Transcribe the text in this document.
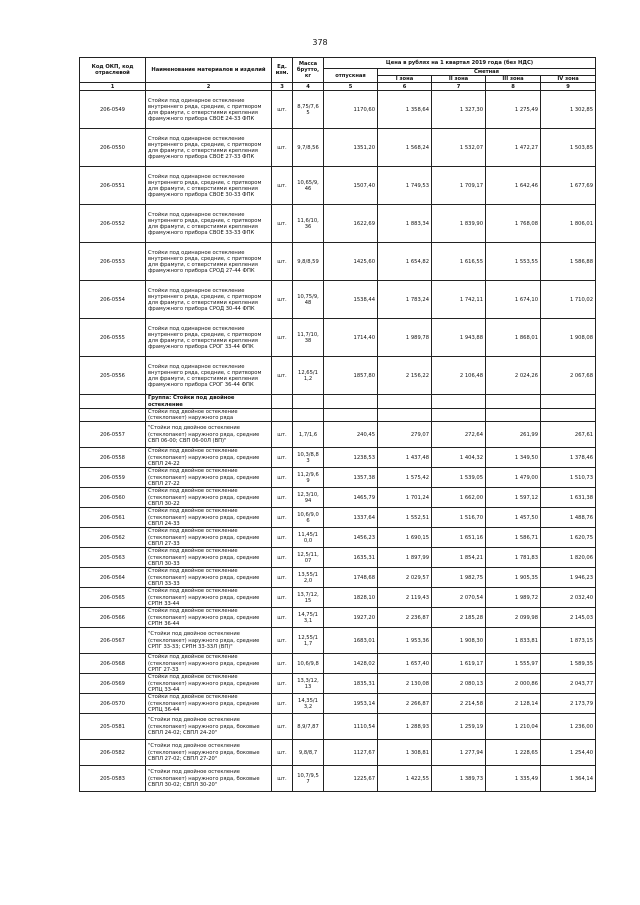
378
Код ОКП, код отраслевой	Наименование материалов и изделий	Ед. изм.	Масса брутто, кг	Цена в рублях на 1 квартал 2019 года (без НДС)				
				отпускная	Сметная			
					I зона	II зона	III зона	IV зона
1	2	3	4	5	6	7	8	9
206-0549	Стойки под одинарное остекление внутреннего ряда, средние, с притвором для фрамуги, с отверстиями крепления фрамужного прибора СВОЕ 24-33 ФПК	шт.	8,75/7,6 5	1170,60	1 358,64	1 327,30	1 275,49	1 302,85
206-0550	Стойки под одинарное остекление внутреннего ряда, средние, с притвором для фрамуги, с отверстиями крепления фрамужного прибора СВОЕ 27-33 ФПК	шт.	9,7/8,56	1351,20	1 568,24	1 532,07	1 472,27	1 503,85
206-0551	Стойки под одинарное остекление внутреннего ряда, средние, с притвором для фрамуги, с отверстиями крепления фрамужного прибора СВОЕ 30-33 ФПК	шт.	10,65/9, 46	1507,40	1 749,53	1 709,17	1 642,46	1 677,69
206-0552	Стойки под одинарное остекление внутреннего ряда, средние, с притвором для фрамуги, с отверстиями крепления фрамужного прибора СВОЕ 33-33 ФПК	шт.	11,6/10, 36	1622,69	1 883,34	1 839,90	1 768,08	1 806,01
206-0553	Стойки под одинарное остекление внутреннего ряда, средние, с притвором для фрамуги, с отверстиями крепления фрамужного прибора СРОД 27-44 ФПК	шт.	9,8/8,59	1425,60	1 654,82	1 616,55	1 553,55	1 586,88
206-0554	Стойки под одинарное остекление внутреннего ряда, средние, с притвором для фрамуги, с отверстиями крепления фрамужного прибора СРОД 30-44 ФПК	шт.	10,75/9, 48	1538,44	1 783,24	1 742,11	1 674,10	1 710,02
206-0555	Стойки под одинарное остекление внутреннего ряда, средние, с притвором для фрамуги, с отверстиями крепления фрамужного прибора СРОГ 33-44 ФПК	шт.	11,7/10, 38	1714,40	1 989,78	1 943,88	1 868,01	1 908,08
205-0556	Стойки под одинарное остекление внутреннего ряда, средние, с притвором для фрамуги, с отверстиями крепления фрамужного прибора СРОГ 36-44 ФПК	шт.	12,65/1 1,2	1857,80	2 156,22	2 106,48	2 024,26	2 067,68
	Группа: Стойки под двойное остекление							
	Стойки под двойное остекление (стеклопакет) наружного ряда							
206-0557	"Стойки под двойное остекление (стеклопакет) наружного ряда, средние СВП 06-00; СВП 06-00Л (ВП)"	шт.	1,7/1,6	240,45	279,07	272,64	261,99	267,61
206-0558	Стойки под двойное остекление (стеклопакет) наружного ряда, средние СВПЛ 24-22	шт.	10,3/8,8 3	1238,53	1 437,48	1 404,32	1 349,50	1 378,46
206-0559	Стойки под двойное остекление (стеклопакет) наружного ряда, средние СВПЛ 27-22	шт.	11,2/9,6 9	1357,38	1 575,42	1 539,05	1 479,00	1 510,73
206-0560	Стойки под двойное остекление (стеклопакет) наружного ряда, средние СВПЛ 30-22	шт.	12,3/10, 94	1465,79	1 701,24	1 662,00	1 597,12	1 631,38
206-0561	Стойки под двойное остекление (стеклопакет) наружного ряда, средние СВПЛ 24-33	шт.	10,6/9,0 6	1337,64	1 552,51	1 516,70	1 457,50	1 488,76
206-0562	Стойки под двойное остекление (стеклопакет) наружного ряда, средние СВПЛ 27-33	шт.	11,45/1 0,0	1456,23	1 690,15	1 651,16	1 586,71	1 620,75
205-0563	Стойки под двойное остекление (стеклопакет) наружного ряда, средние СВПЛ 30-33	шт.	12,5/11, 07	1635,31	1 897,99	1 854,21	1 781,83	1 820,06
206-0564	Стойки под двойное остекление (стеклопакет) наружного ряда, средние СВПЛ 33-33	шт.	13,55/1 2,0	1748,68	2 029,57	1 982,75	1 905,35	1 946,23
206-0565	Стойки под двойное остекление (стеклопакет) наружного ряда, средние СРПН 33-44	шт.	13,7/12, 15	1828,10	2 119,43	2 070,54	1 989,72	2 032,40
206-0566	Стойки под двойное остекление (стеклопакет) наружного ряда, средние СРПН 36-44	шт.	14,75/1 3,1	1927,20	2 236,87	2 185,28	2 099,98	2 145,03
206-0567	"Стойки под двойное остекление (стеклопакет) наружного ряда, средние СРПГ 33-33; СРПН 33-33Л (ВП)"	шт.	12,55/1 1,7	1683,01	1 953,36	1 908,30	1 833,81	1 873,15
206-0568	Стойки под двойное остекление (стеклопакет) наружного ряда, средние СРПГ 27-33	шт.	10,6/9,8	1428,02	1 657,40	1 619,17	1 555,97	1 589,35
206-0569	Стойки под двойное остекление (стеклопакет) наружного ряда, средние СРПЦ 33-44	шт.	13,3/12, 13	1835,31	2 130,08	2 080,13	2 000,86	2 043,77
206-0570	Стойки под двойное остекление (стеклопакет) наружного ряда, средние СРПЦ 36-44	шт.	14,35/1 3,2	1953,14	2 266,87	2 214,58	2 128,14	2 173,79
205-0581	"Стойки под двойное остекление (стеклопакет) наружного ряда, боковые СВПЛ 24-02; СВПЛ 24-20"	шт.	8,9/7,87	1110,54	1 288,93	1 259,19	1 210,04	1 236,00
206-0582	"Стойки под двойное остекление (стеклопакет) наружного ряда, боковые СВПЛ 27-02; СВПЛ 27-20"	шт.	9,8/8,7	1127,67	1 308,81	1 277,94	1 228,65	1 254,40
205-0583	"Стойки под двойное остекление (стеклопакет) наружного ряда, боковые СВПЛ 30-02; СВПЛ 30-20"	шт.	10,7/9,5 7	1225,67	1 422,55	1 389,73	1 335,49	1 364,14
